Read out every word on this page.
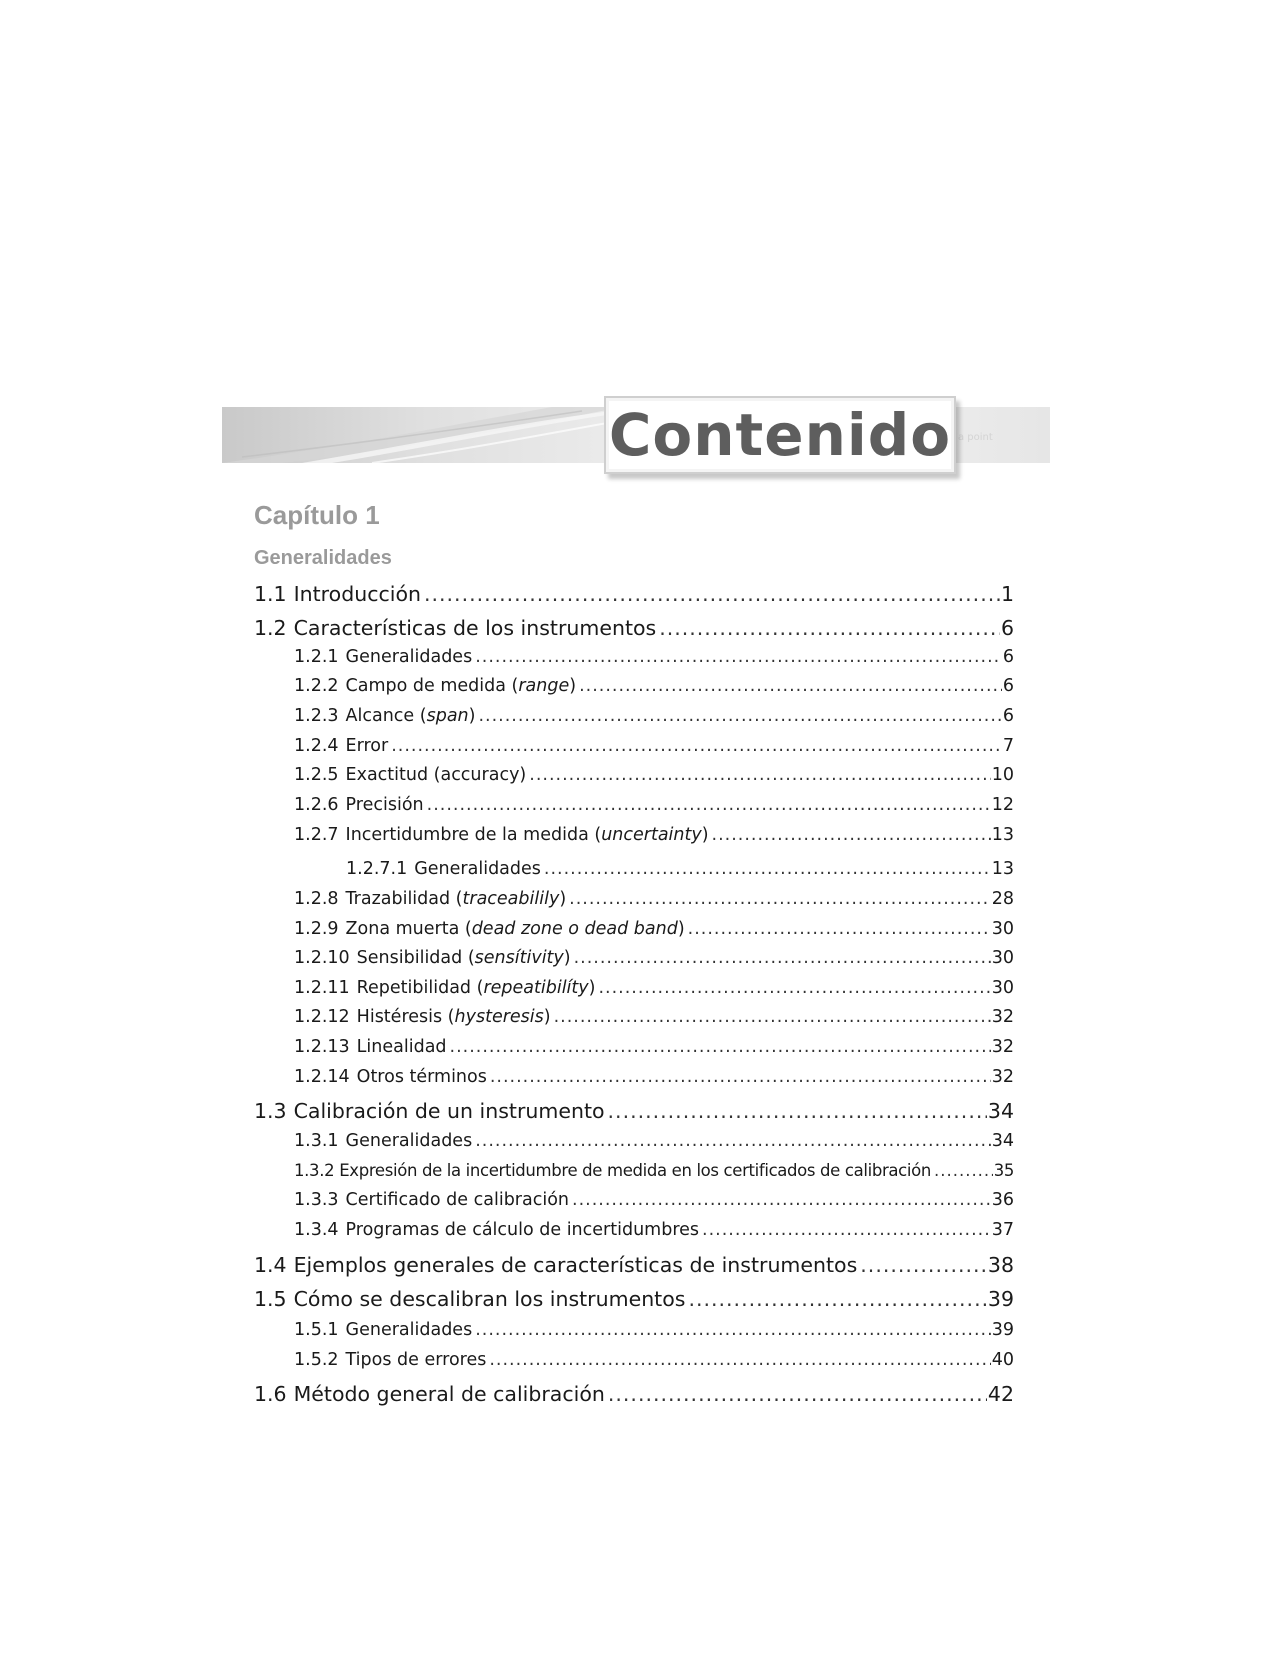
a point
Contenido
Capítulo 1
Generalidades
1.1 Introducción .....	1
1.2 Características de los instrumentos .....	6
1.2.1 Generalidades .....	6
1.2.2 Campo de medida (range) .....	6
1.2.3 Alcance (span) .....	6
1.2.4 Error .....	7
1.2.5 Exactitud (accuracy) .....	10
1.2.6 Precisión .....	12
1.2.7 Incertidumbre de la medida (uncertainty) .....	13
1.2.7.1 Generalidades .....	13
1.2.8 Trazabilidad (traceabilily) .....	28
1.2.9 Zona muerta (dead zone o dead band) .....	30
1.2.10 Sensibilidad (sensítivity) .....	30
1.2.11 Repetibilidad (repeatibilíty) .....	30
1.2.12 Histéresis (hysteresis) .....	32
1.2.13 Linealidad .....	32
1.2.14 Otros términos .....	32
1.3 Calibración de un instrumento .....	34
1.3.1 Generalidades .....	34
1.3.2 Expresión de la incertidumbre de medida en los certificados de calibración .....	35
1.3.3 Certificado de calibración .....	36
1.3.4 Programas de cálculo de incertidumbres .....	37
1.4 Ejemplos generales de características de instrumentos .....	38
1.5 Cómo se descalibran los instrumentos .....	39
1.5.1 Generalidades .....	39
1.5.2 Tipos de errores .....	40
1.6 Método general de calibración .....	42
